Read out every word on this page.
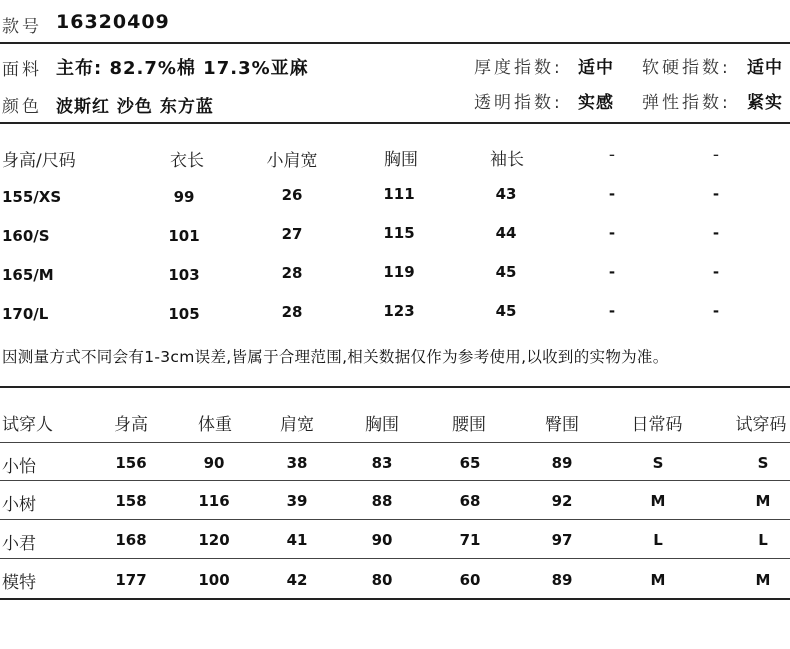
款号 16320409
面料 主布: 82.7%棉 17.3%亚麻
颜色 波斯红 沙色 东方蓝
厚度指数: 适中 软硬指数: 适中
透明指数: 实感 弹性指数: 紧实
身高/尺码	衣长	小肩宽	胸围	袖长	-	-
155/XS	99	26	111	43	-	-
160/S	101	27	115	44	-	-
165/M	103	28	119	45	-	-
170/L	105	28	123	45	-	-
因测量方式不同会有1-3cm误差,皆属于合理范围,相关数据仅作为参考使用,以收到的实物为准。
试穿人	身高	体重	肩宽	胸围	腰围	臀围	日常码	试穿码
小怡	156	90	38	83	65	89	S	S
小树	158	116	39	88	68	92	M	M
小君	168	120	41	90	71	97	L	L
模特	177	100	42	80	60	89	M	M
